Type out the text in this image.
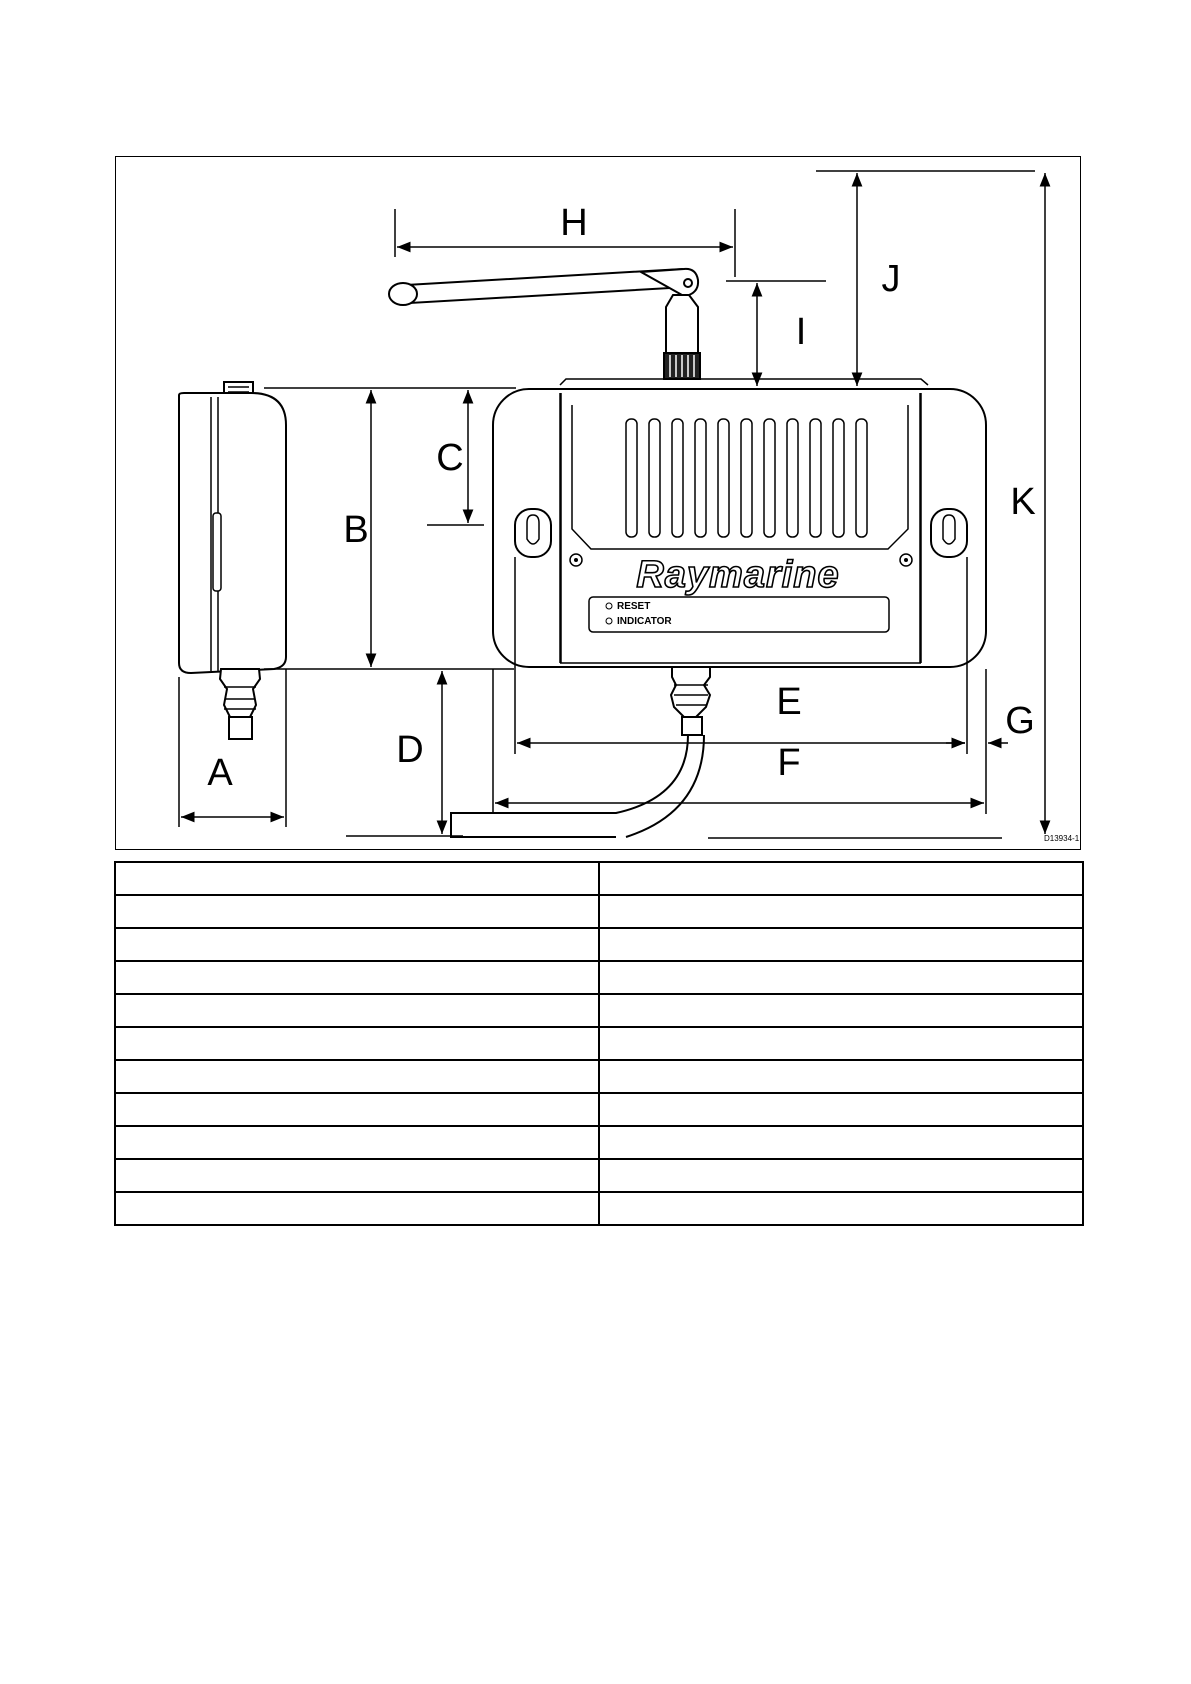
Raymarine
RESET
INDICATOR
A
B
C
D
E
F
G
H
I
J
K
D13934-1
